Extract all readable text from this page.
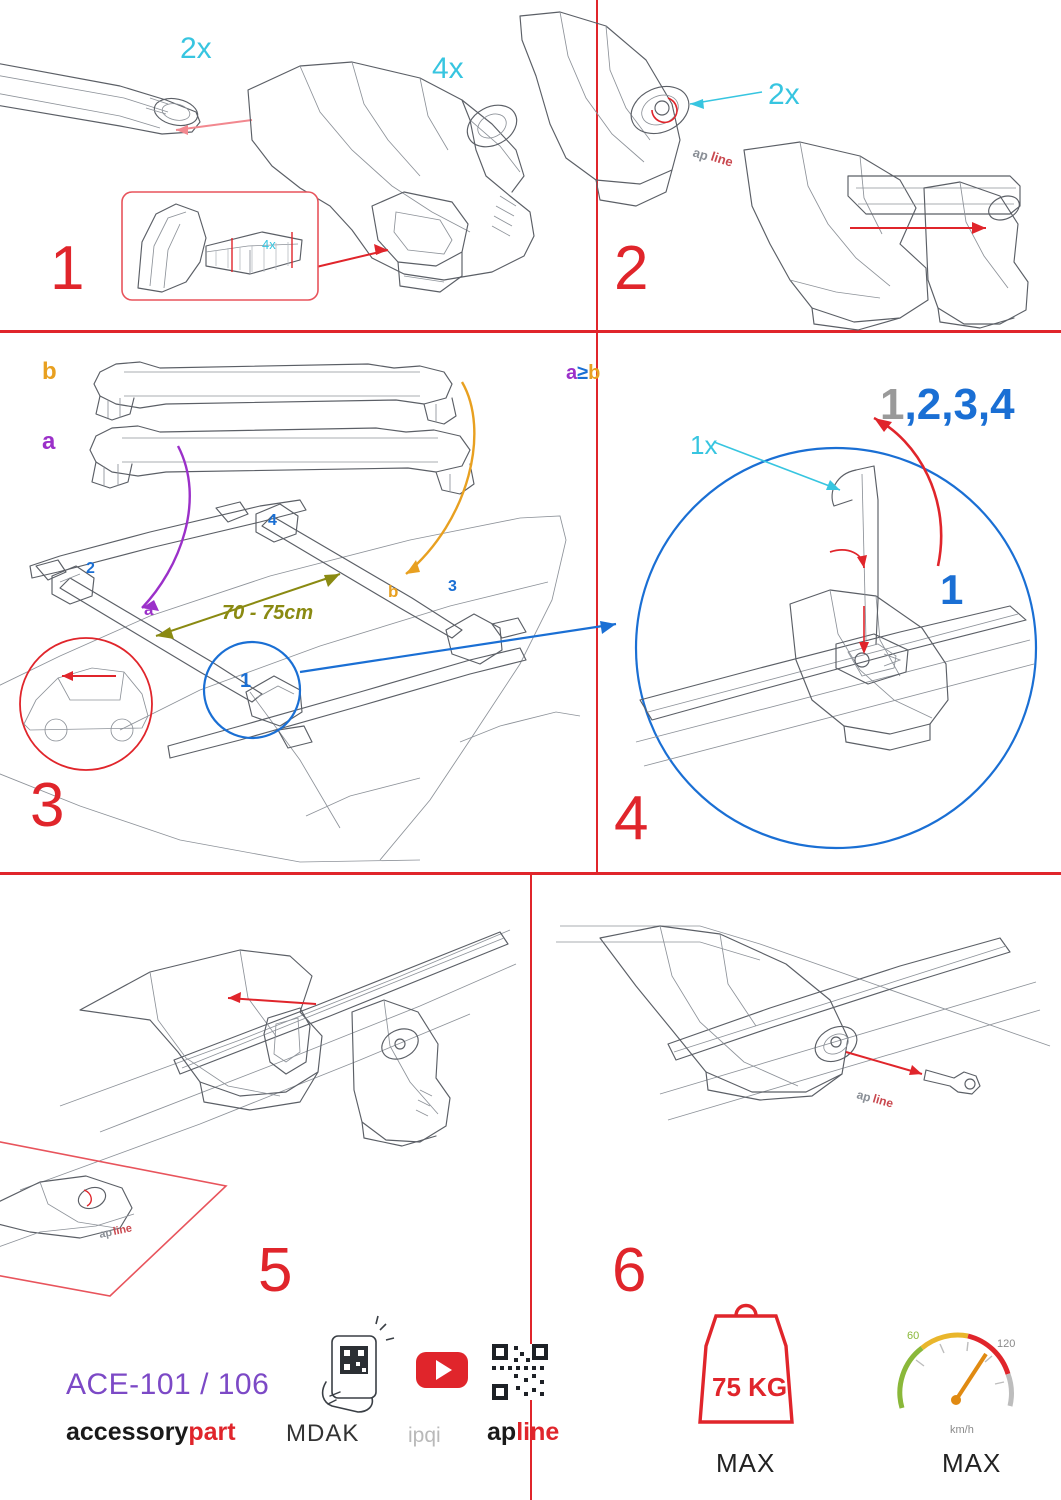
ap
line
ap
line
ap
line
1	2
3	4
5	6
2x
4x
4x
2x
1x
b
a
b
a
a≥b
70 - 75cm
2
4
3
1
1,2,3,4
1
ACE-101 / 106
accessorypart MDAK ipqi apline
75 KG
MAX	MAX
km/h
60
120
